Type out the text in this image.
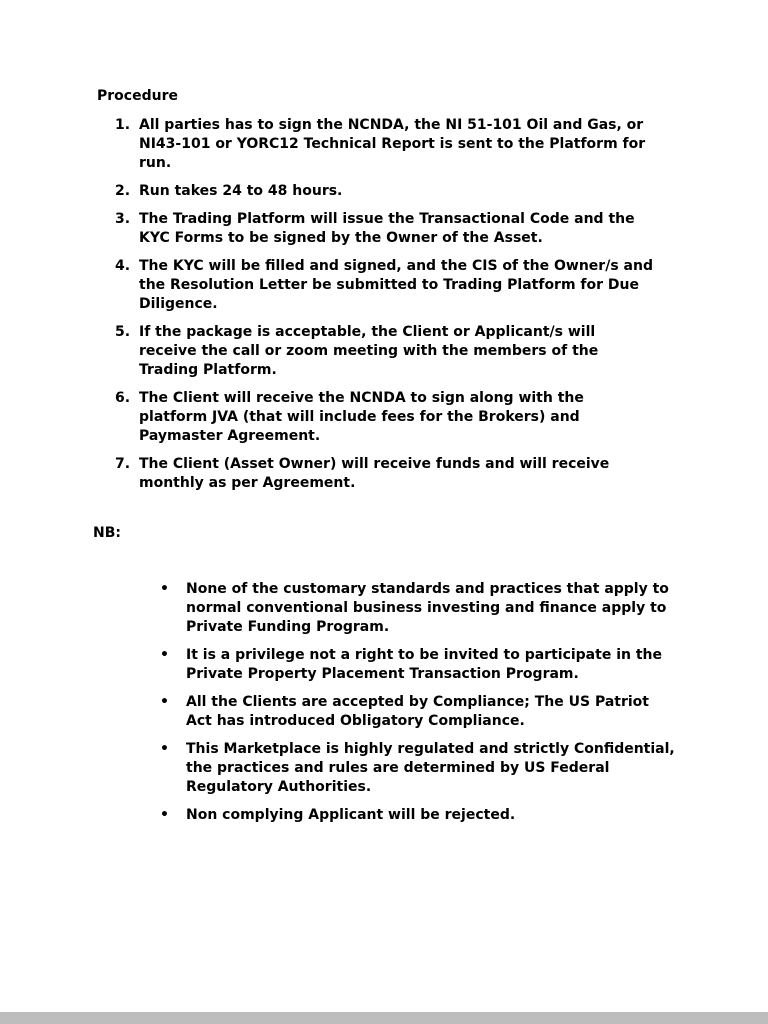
Procedure
1. All parties has to sign the NCNDA, the NI 51-101 Oil and Gas, or NI43-101 or YORC12 Technical Report is sent to the Platform for run.
2. Run takes 24 to 48 hours.
3. The Trading Platform will issue the Transactional Code and the KYC Forms to be signed by the Owner of the Asset.
4. The KYC will be filled and signed, and the CIS of the Owner/s and the Resolution Letter be submitted to Trading Platform for Due Diligence.
5. If the package is acceptable, the Client or Applicant/s will receive the call or zoom meeting with the members of the Trading Platform.
6. The Client will receive the NCNDA to sign along with the platform JVA (that will include fees for the Brokers) and Paymaster Agreement.
7. The Client (Asset Owner) will receive funds and will receive monthly as per Agreement.
NB:
• None of the customary standards and practices that apply to normal conventional business investing and finance apply to Private Funding Program.
• It is a privilege not a right to be invited to participate in the Private Property Placement Transaction Program.
• All the Clients are accepted by Compliance; The US Patriot Act has introduced Obligatory Compliance.
• This Marketplace is highly regulated and strictly Confidential, the practices and rules are determined by US Federal Regulatory Authorities.
• Non complying Applicant will be rejected.
